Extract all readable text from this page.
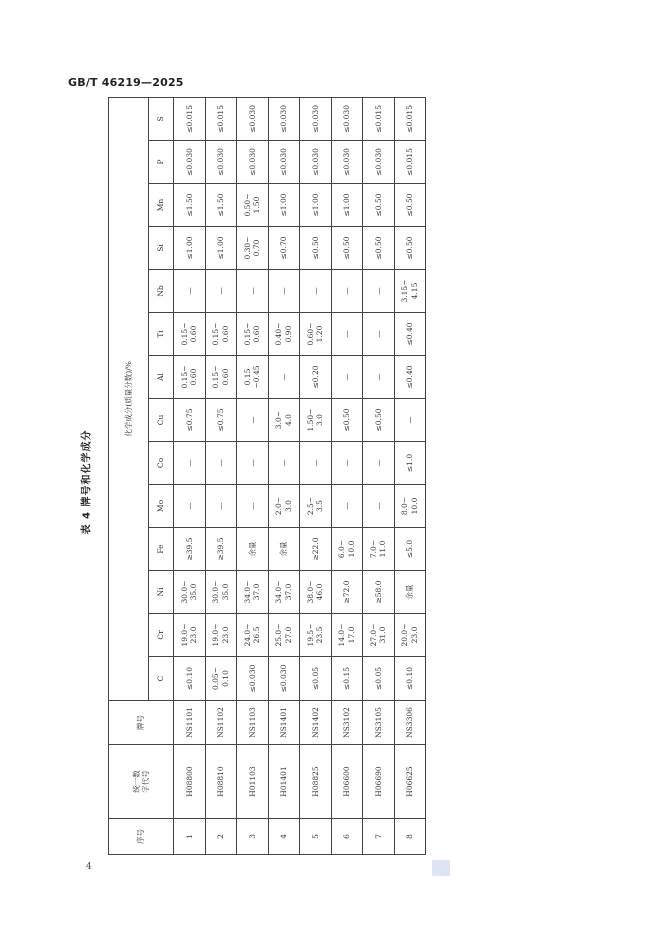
GB/T 46219—2025
表 4 牌号和化学成分
序号	统一数
字代号	牌号	化学成分(质量分数)/%													
			C	Cr	Ni	Fe	Mo	Co	Cu	Al	Ti	Nb	Si	Mn	P	S
1	H08800	NS1101	≤0.10	19.0~
23.0	30.0~
35.0	≥39.5	—	—	≤0.75	0.15~
0.60	0.15~
0.60	—	≤1.00	≤1.50	≤0.030	≤0.015
2	H08810	NS1102	0.05~
0.10	19.0~
23.0	30.0~
35.0	≥39.5	—	—	≤0.75	0.15~
0.60	0.15~
0.60	—	≤1.00	≤1.50	≤0.030	≤0.015
3	H01103	NS1103	≤0.030	24.0~
26.5	34.0~
37.0	余量	—	—	—	0.15
~0.45	0.15~
0.60	—	0.30~
0.70	0.50~
1.50	≤0.030	≤0.030
4	H01401	NS1401	≤0.030	25.0~
27.0	34.0~
37.0	余量	2.0~
3.0	—	3.0~
4.0	—	0.40~
0.90	—	≤0.70	≤1.00	≤0.030	≤0.030
5	H08825	NS1402	≤0.05	19.5~
23.5	38.0~
46.0	≥22.0	2.5~
3.5	—	1.50~
3.0	≤0.20	0.60~
1.20	—	≤0.50	≤1.00	≤0.030	≤0.030
6	H06600	NS3102	≤0.15	14.0~
17.0	≥72.0	6.0~
10.0	—	—	≤0.50	—	—	—	≤0.50	≤1.00	≤0.030	≤0.030
7	H06690	NS3105	≤0.05	27.0~
31.0	≥58.0	7.0~
11.0	—	—	≤0.50	—	—	—	≤0.50	≤0.50	≤0.030	≤0.015
8	H06625	NS3306	≤0.10	20.0~
23.0	余量	≤5.0	8.0~
10.0	≤1.0	—	≤0.40	≤0.40	3.15~
4.15	≤0.50	≤0.50	≤0.015	≤0.015
4
